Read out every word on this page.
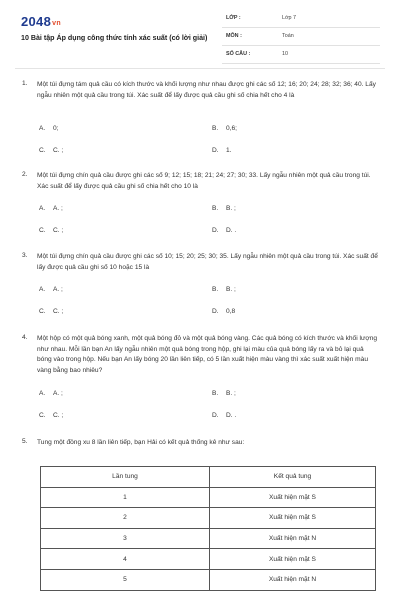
2048vn
10 Bài tập Áp dụng công thức tính xác suất (có lời giải)
LỚP :	Lớp 7
MÔN :	Toán
SỐ CÂU :	10
1. Một túi đựng tám quả cầu có kích thước và khối lượng như nhau được ghi các số 12; 16; 20; 24; 28; 32; 36; 40. Lấy ngẫu nhiên một quả cầu trong túi. Xác suất để lấy được quả cầu ghi số chia hết cho 4 là
A. 0;	B. 0,6;
C. C. ;	D. 1.
2. Một túi đựng chín quả cầu được ghi các số 9; 12; 15; 18; 21; 24; 27; 30; 33. Lấy ngẫu nhiên một quả cầu trong túi. Xác suất để lấy được quả cầu ghi số chia hết cho 10 là
A. A. ;	B. B. ;
C. C. ;	D. D. .
3. Một túi đựng chín quả cầu được ghi các số 10; 15; 20; 25; 30; 35. Lấy ngẫu nhiên một quả cầu trong túi. Xác suất để lấy được quả cầu ghi số 10 hoặc 15 là
A. A. ;	B. B. ;
C. C. ;	D. 0,8
4. Một hộp có một quả bóng xanh, một quả bóng đỏ và một quả bóng vàng. Các quả bóng có kích thước và khối lượng như nhau. Mỗi lần bạn An lấy ngẫu nhiên một quả bóng trong hộp, ghi lại màu của quả bóng lấy ra và bỏ lại quả bóng vào trong hộp. Nếu bạn An lấy bóng 20 lần liên tiếp, có 5 lần xuất hiện màu vàng thì xác suất xuất hiện màu vàng bằng bao nhiêu?
A. A. ;	B. B. ;
C. C. ;	D. D. .
5. Tung một đồng xu 8 lần liên tiếp, bạn Hải có kết quả thống kê như sau:
Lần tung	Kết quả tung
1	Xuất hiện mặt S
2	Xuất hiện mặt S
3	Xuất hiện mặt N
4	Xuất hiện mặt S
5	Xuất hiện mặt N
